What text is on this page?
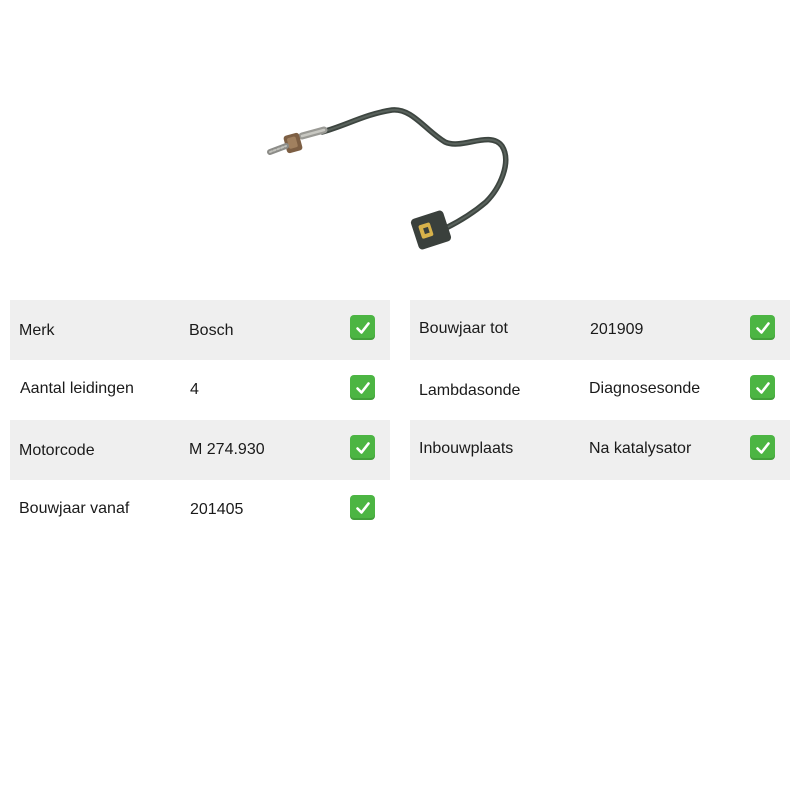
Merk	Bosch
Aantal leidingen	4
Motorcode	M 274.930
Bouwjaar vanaf	201405
Bouwjaar tot	201909
Lambdasonde	Diagnosesonde
Inbouwplaats	Na katalysator
